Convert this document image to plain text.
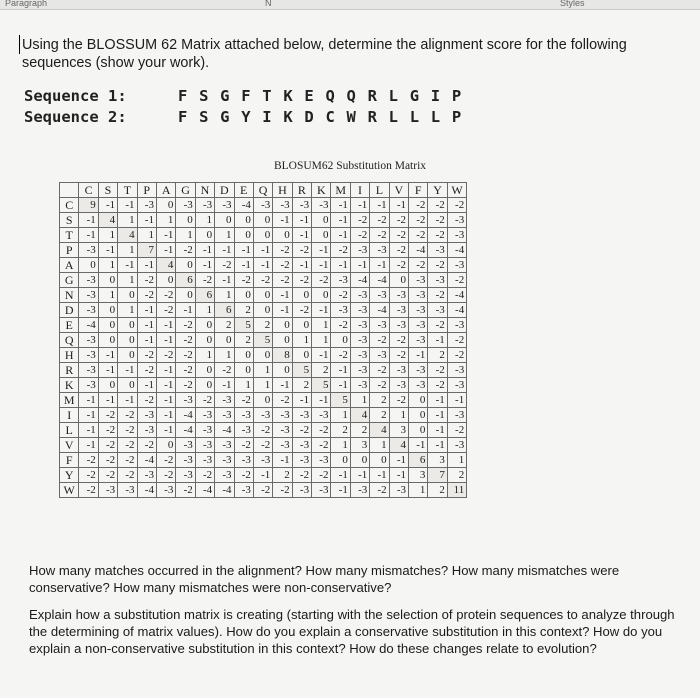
Paragraph	N	Styles
Using the BLOSSUM 62 Matrix attached below, determine the alignment score for the following sequences (show your work).
Sequence 1:	F S G F T K E Q Q R L G I P
Sequence 2:	F S G Y I K D C W R L L L P
BLOSUM62 Substitution Matrix
	C	S	T	P	A	G	N	D	E	Q	H	R	K	M	I	L	V	F	Y	W
C	9	-1	-1	-3	0	-3	-3	-3	-4	-3	-3	-3	-3	-1	-1	-1	-1	-2	-2	-2
S	-1	4	1	-1	1	0	1	0	0	0	-1	-1	0	-1	-2	-2	-2	-2	-2	-3
T	-1	1	4	1	-1	1	0	1	0	0	0	-1	0	-1	-2	-2	-2	-2	-2	-3
P	-3	-1	1	7	-1	-2	-1	-1	-1	-1	-2	-2	-1	-2	-3	-3	-2	-4	-3	-4
A	0	1	-1	-1	4	0	-1	-2	-1	-1	-2	-1	-1	-1	-1	-1	-2	-2	-2	-3
G	-3	0	1	-2	0	6	-2	-1	-2	-2	-2	-2	-2	-3	-4	-4	0	-3	-3	-2
N	-3	1	0	-2	-2	0	6	1	0	0	-1	0	0	-2	-3	-3	-3	-3	-2	-4
D	-3	0	1	-1	-2	-1	1	6	2	0	-1	-2	-1	-3	-3	-4	-3	-3	-3	-4
E	-4	0	0	-1	-1	-2	0	2	5	2	0	0	1	-2	-3	-3	-3	-3	-2	-3
Q	-3	0	0	-1	-1	-2	0	0	2	5	0	1	1	0	-3	-2	-2	-3	-1	-2
H	-3	-1	0	-2	-2	-2	1	1	0	0	8	0	-1	-2	-3	-3	-2	-1	2	-2
R	-3	-1	-1	-2	-1	-2	0	-2	0	1	0	5	2	-1	-3	-2	-3	-3	-2	-3
K	-3	0	0	-1	-1	-2	0	-1	1	1	-1	2	5	-1	-3	-2	-3	-3	-2	-3
M	-1	-1	-1	-2	-1	-3	-2	-3	-2	0	-2	-1	-1	5	1	2	-2	0	-1	-1
I	-1	-2	-2	-3	-1	-4	-3	-3	-3	-3	-3	-3	-3	1	4	2	1	0	-1	-3
L	-1	-2	-2	-3	-1	-4	-3	-4	-3	-2	-3	-2	-2	2	2	4	3	0	-1	-2
V	-1	-2	-2	-2	0	-3	-3	-3	-2	-2	-3	-3	-2	1	3	1	4	-1	-1	-3
F	-2	-2	-2	-4	-2	-3	-3	-3	-3	-3	-1	-3	-3	0	0	0	-1	6	3	1
Y	-2	-2	-2	-3	-2	-3	-2	-3	-2	-1	2	-2	-2	-1	-1	-1	-1	3	7	2
W	-2	-3	-3	-4	-3	-2	-4	-4	-3	-2	-2	-3	-3	-1	-3	-2	-3	1	2	11

How many matches occurred in the alignment? How many mismatches? How many mismatches were conservative? How many mismatches were non-conservative?

Explain how a substitution matrix is creating (starting with the selection of protein sequences to analyze through the determining of matrix values). How do you explain a conservative substitution in this context? How do you explain a non-conservative substitution in this context? How do these changes relate to evolution?
